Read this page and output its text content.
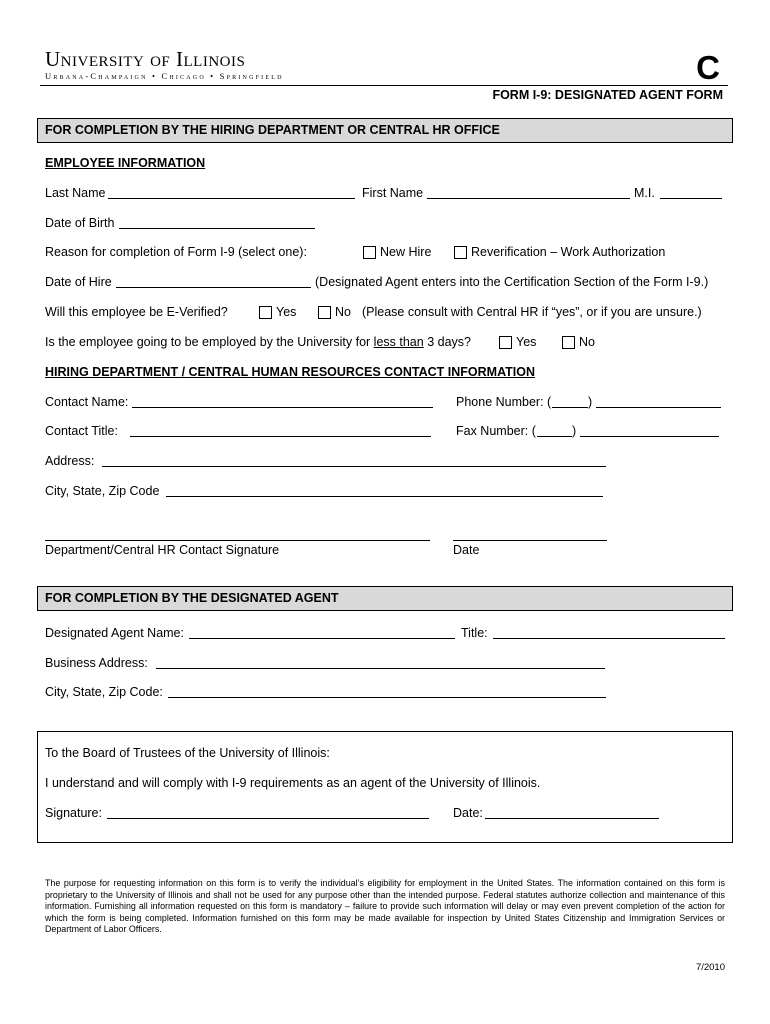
University of Illinois
Urbana-Champaign • Chicago • Springfield	C
FORM I-9: DESIGNATED AGENT FORM
FOR COMPLETION BY THE HIRING DEPARTMENT OR CENTRAL HR OFFICE
EMPLOYEE INFORMATION
Last Name	First Name	M.I.
Date of Birth
Reason for completion of Form I-9 (select one):	New Hire	Reverification – Work Authorization
Date of Hire	(Designated Agent enters into the Certification Section of the Form I-9.)
Will this employee be E-Verified?	Yes	No (Please consult with Central HR if “yes”, or if you are unsure.)
Is the employee going to be employed by the University for less than 3 days?	Yes	No
HIRING DEPARTMENT / CENTRAL HUMAN RESOURCES CONTACT INFORMATION
Contact Name:	Phone Number: (	)
Contact Title:	Fax Number: (	)
Address:
City, State, Zip Code
Department/Central HR Contact Signature	Date
FOR COMPLETION BY THE DESIGNATED AGENT
Designated Agent Name:	Title:
Business Address:
City, State, Zip Code:
To the Board of Trustees of the University of Illinois:
I understand and will comply with I-9 requirements as an agent of the University of Illinois.
Signature:	Date:
The purpose for requesting information on this form is to verify the individual’s eligibility for employment in the United States. The information contained on this form is proprietary to the University of Illinois and shall not be used for any purpose other than the intended purpose. Federal statutes authorize collection and maintenance of this information. Furnishing all information requested on this form is mandatory – failure to provide such information will delay or may even prevent completion of the action for which the form is being completed. Information furnished on this form may be made available for inspection by United States Citizenship and Immigration Services or Department of Labor Officers.
7/2010
